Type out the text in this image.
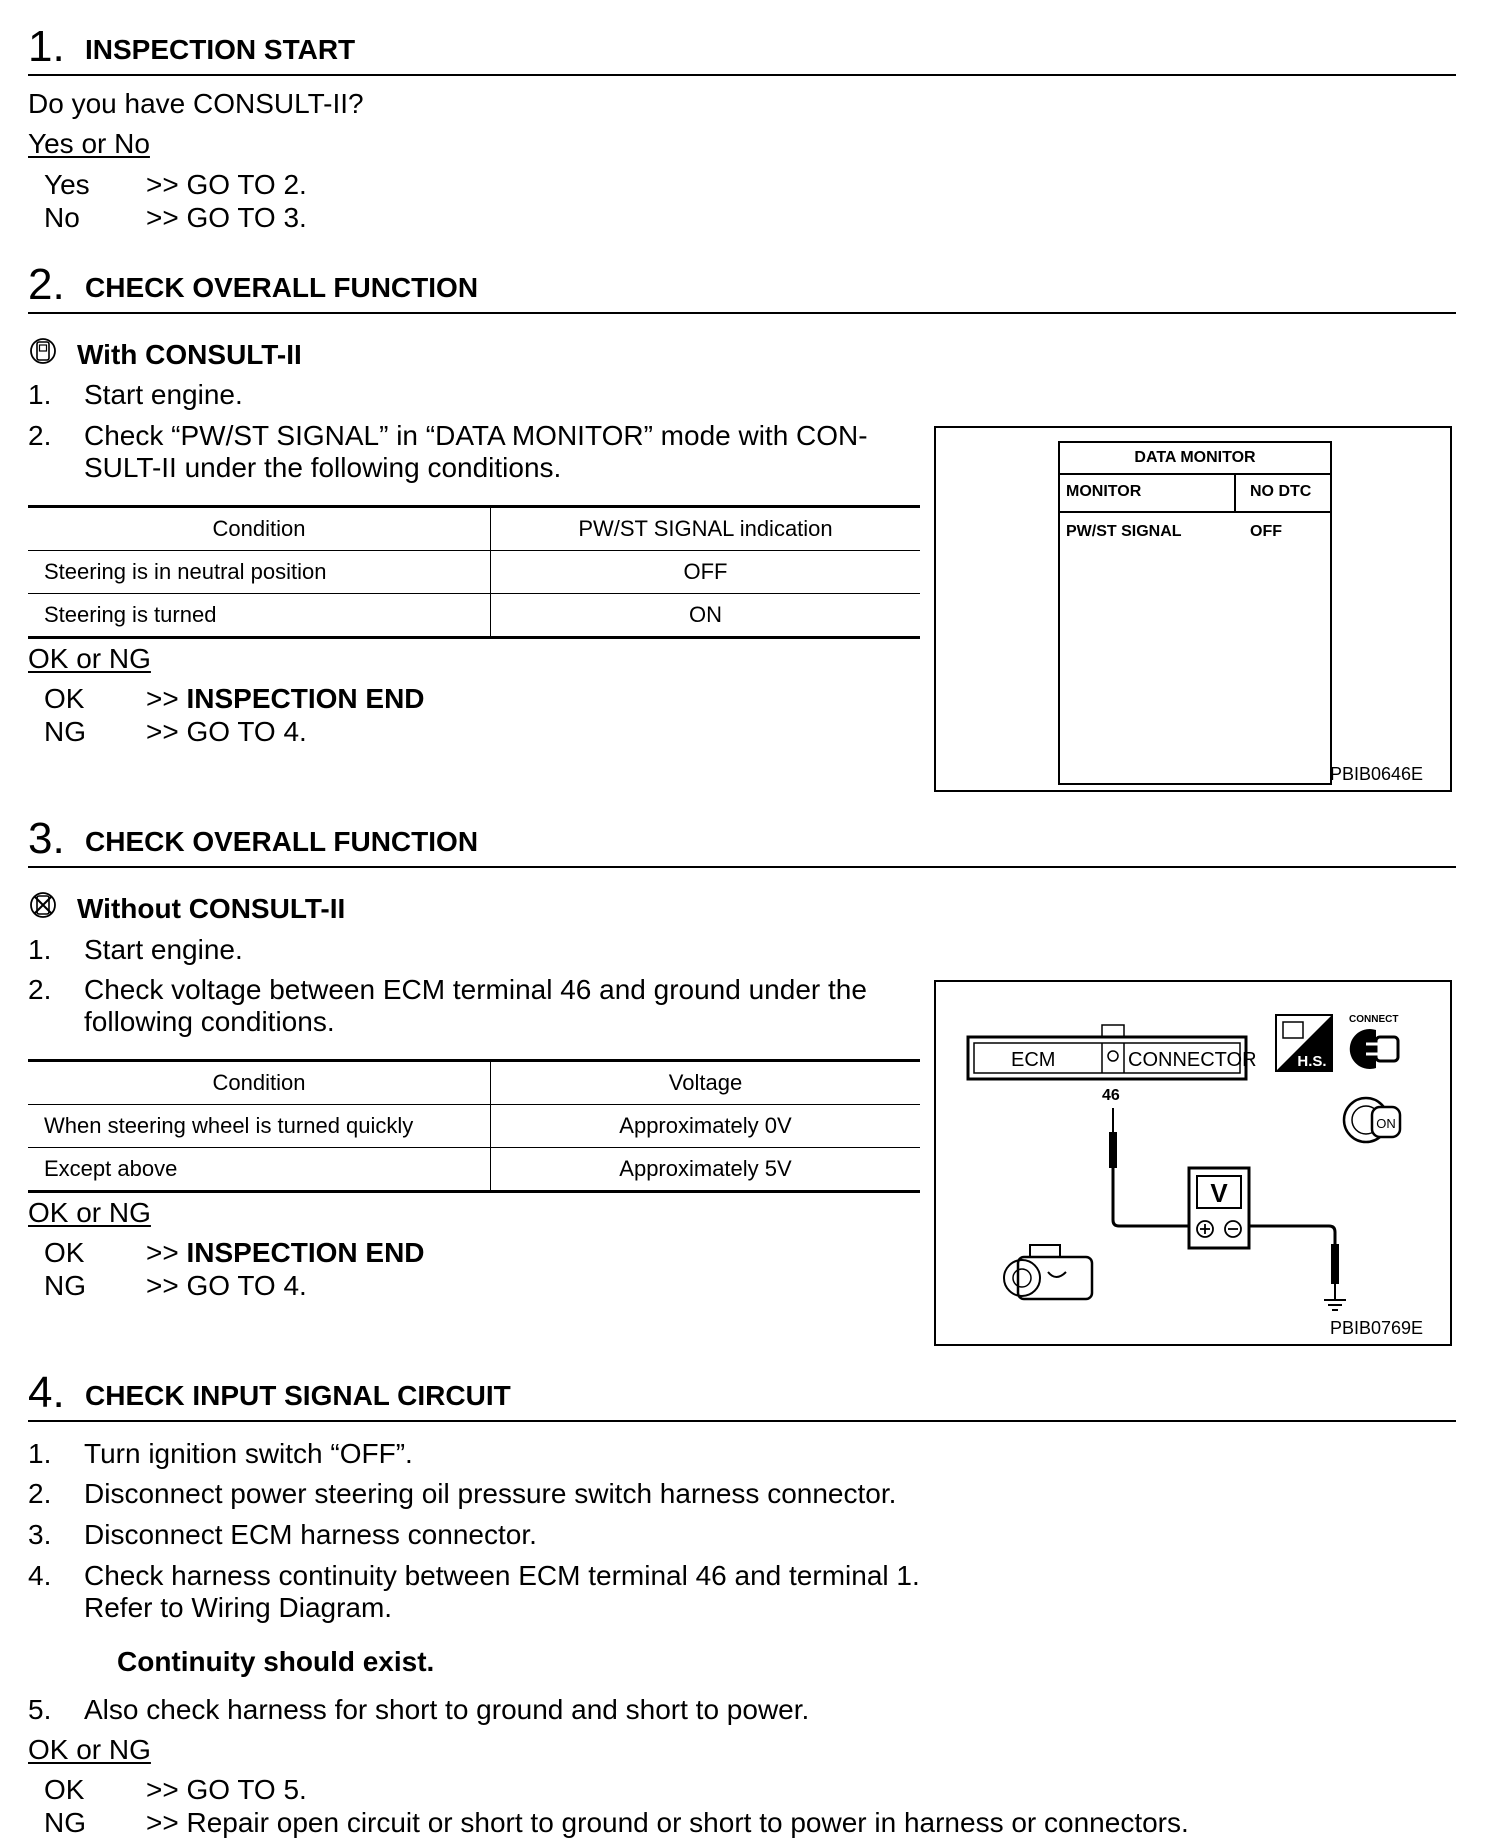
1. INSPECTION START
Do you have CONSULT-II?
Yes or No
Yes >> GO TO 2.
No >> GO TO 3.
2. CHECK OVERALL FUNCTION
With CONSULT-II
1. Start engine.
2. Check “PW/ST SIGNAL” in “DATA MONITOR” mode with CON-
SULT-II under the following conditions.
Condition	PW/ST SIGNAL indication
Steering is in neutral position	OFF
Steering is turned	ON
OK or NG
OK >> INSPECTION END
NG >> GO TO 4.
DATA MONITOR
MONITOR	NO DTC
PW/ST SIGNAL	OFF
PBIB0646E
3. CHECK OVERALL FUNCTION
Without CONSULT-II
1. Start engine.
2. Check voltage between ECM terminal 46 and ground under the
following conditions.
Condition	Voltage
When steering wheel is turned quickly	Approximately 0V
Except above	Approximately 5V
OK or NG
OK >> INSPECTION END
NG >> GO TO 4.
ECM	CONNECTOR
46
V
H.S.
CONNECT
ON
PBIB0769E
4. CHECK INPUT SIGNAL CIRCUIT
1. Turn ignition switch “OFF”.
2. Disconnect power steering oil pressure switch harness connector.
3. Disconnect ECM harness connector.
4. Check harness continuity between ECM terminal 46 and terminal 1.
Refer to Wiring Diagram.
Continuity should exist.
5. Also check harness for short to ground and short to power.
OK or NG
OK >> GO TO 5.
NG >> Repair open circuit or short to ground or short to power in harness or connectors.
